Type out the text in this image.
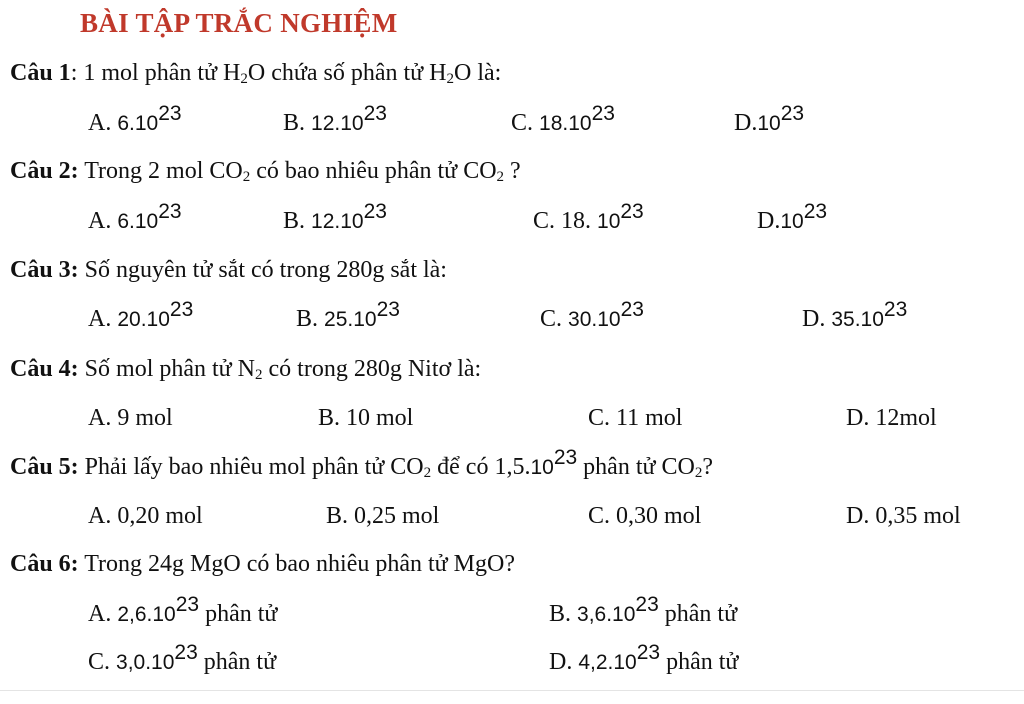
BÀI TẬP TRẮC NGHIỆM
Câu 1: 1 mol phân tử $H_2O$ chứa số phân tử $H_2O$ là:
A. 6.10$^{23}$	B. 12.10$^{23}$	C. 18.10$^{23}$	$D.10^{23}$
Câu 2: Trong 2 mol $CO_2$ có bao nhiêu phân tử $CO_2$ ?
A. 6.10$^{23}$	B. 12.10$^{23}$	C. 18. $10^{23}$	$D.10^{23}$
Câu 3: Số nguyên tử sắt có trong 280g sắt là:
A. 20.10$^{23}$	B. 25.10$^{23}$	C. 30.10$^{23}$	D. 35.10$^{23}$
Câu 4: Số mol phân tử $N_2$ có trong 280g Nitơ là:
A. 9 mol	B. 10 mol	C. 11 mol	D. 12mol
Câu 5: Phải lấy bao nhiêu mol phân tử $CO_2$ để có 1,5.10$^{23}$ phân tử $CO_2$?
A. 0,20 mol	B. 0,25 mol	C. 0,30 mol	D. 0,35 mol
Câu 6: Trong 24g MgO có bao nhiêu phân tử MgO?
A. 2,6.10$^{23}$ phân tử	B. 3,6.10$^{23}$ phân tử
C. 3,0.10$^{23}$ phân tử	D. 4,2.10$^{23}$ phân tử
